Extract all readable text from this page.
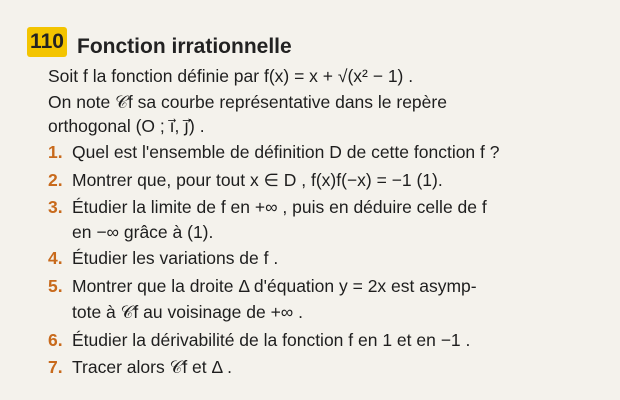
110 Fonction irrationnelle
Soit f la fonction définie par f(x) = x + √(x² − 1) .
On note 𝒞f sa courbe représentative dans le repère
orthogonal (O ; i⃗, j⃗) .
1. Quel est l'ensemble de définition D de cette fonction f ?
2. Montrer que, pour tout x ∈ D , f(x)f(−x) = −1 (1).
3. Étudier la limite de f en +∞ , puis en déduire celle de f
en −∞ grâce à (1).
4. Étudier les variations de f .
5. Montrer que la droite Δ d'équation y = 2x est asymp-
tote à 𝒞f au voisinage de +∞ .
6. Étudier la dérivabilité de la fonction f en 1 et en −1 .
7. Tracer alors 𝒞f et Δ .
